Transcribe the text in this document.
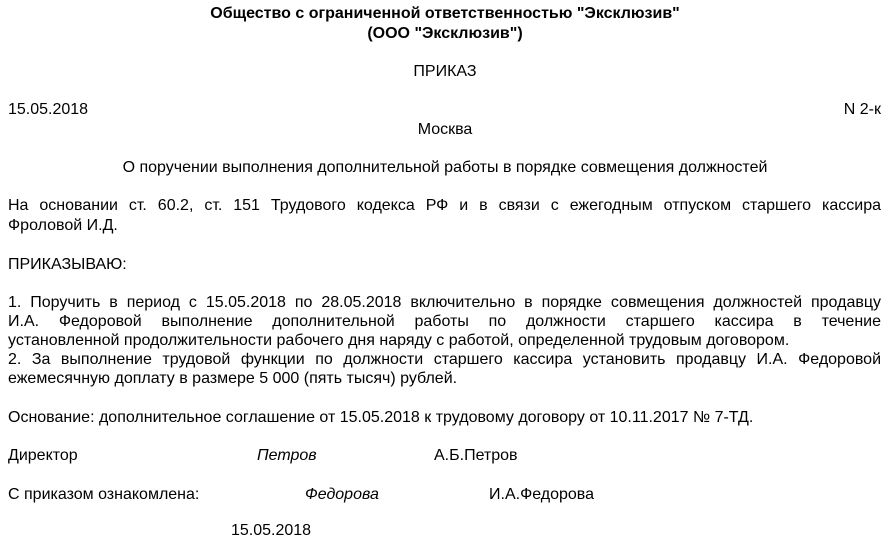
Общество с ограниченной ответственностью "Эксклюзив"
(ООО "Эксклюзив")
ПРИКАЗ
15.05.2018	N 2-к
Москва
О поручении выполнения дополнительной работы в порядке совмещения должностей
На основании ст. 60.2, ст. 151 Трудового кодекса РФ и в связи с ежегодным отпуском старшего кассира
Фроловой И.Д.
ПРИКАЗЫВАЮ:
1. Поручить в период с 15.05.2018 по 28.05.2018 включительно в порядке совмещения должностей продавцу
И.А. Федоровой выполнение дополнительной работы по должности старшего кассира в течение
установленной продолжительности рабочего дня наряду с работой, определенной трудовым договором.
2. За выполнение трудовой функции по должности старшего кассира установить продавцу И.А. Федоровой
ежемесячную доплату в размере 5 000 (пять тысяч) рублей.
Основание: дополнительное соглашение от 15.05.2018 к трудовому договору от 10.11.2017 № 7-ТД.
Директор	Петров	А.Б.Петров
С приказом ознакомлена:	Федорова	И.А.Федорова
15.05.2018
